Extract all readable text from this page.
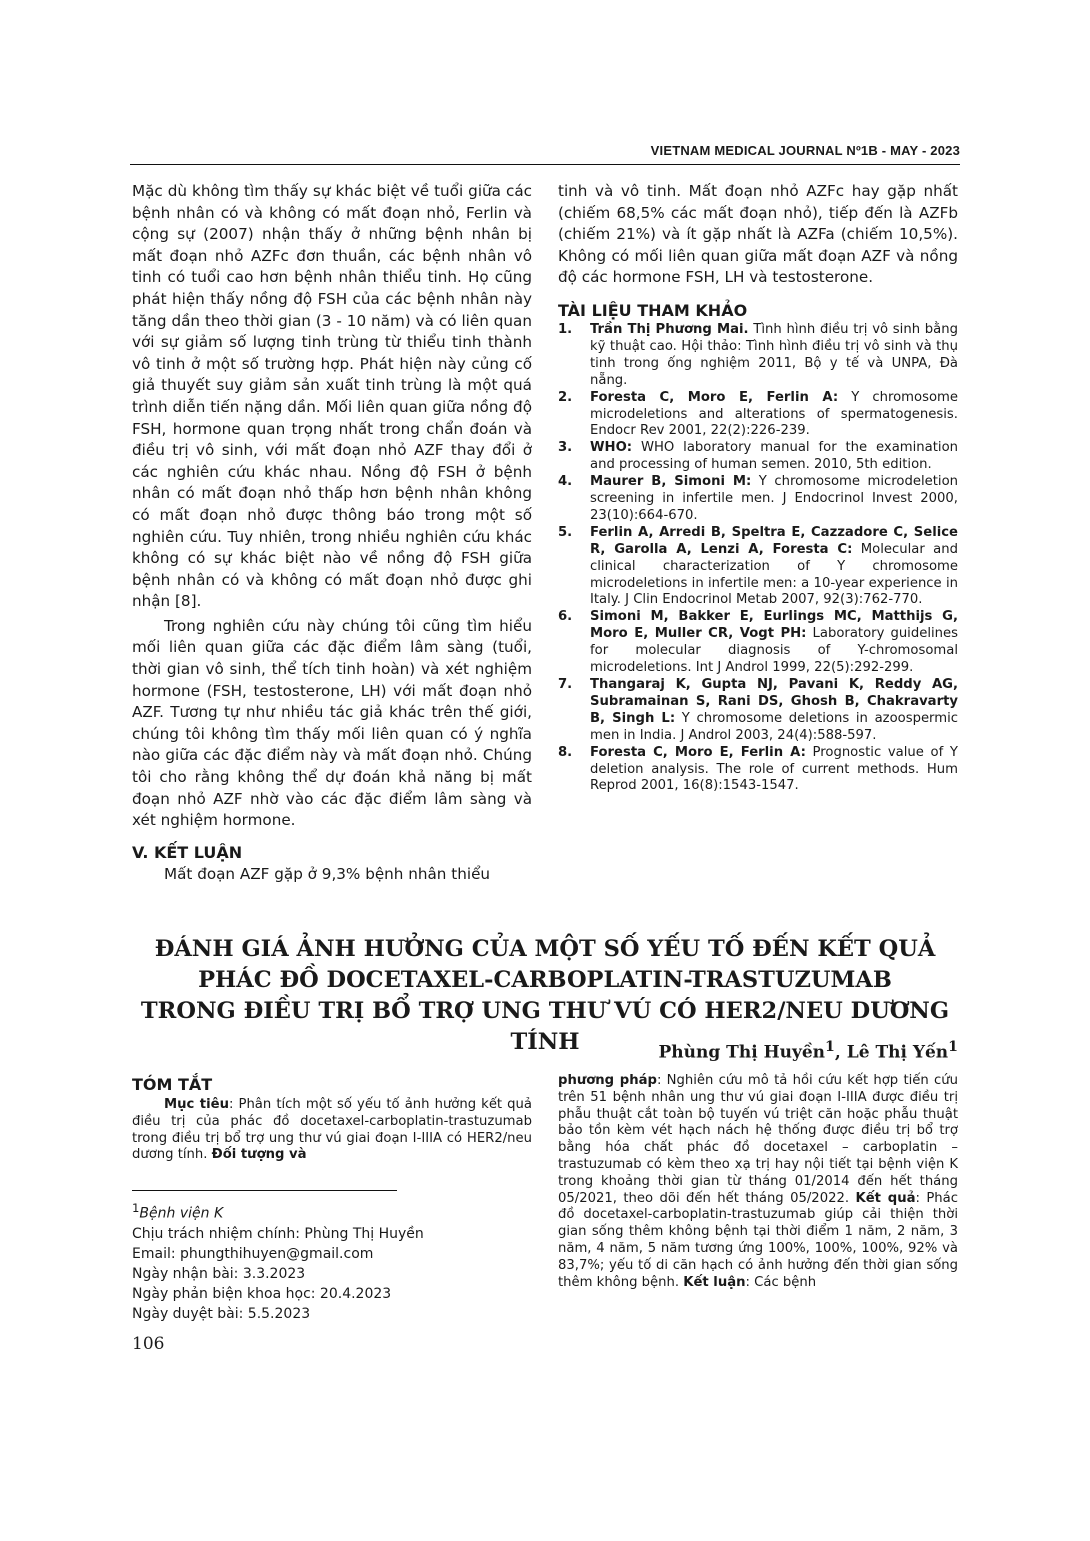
VIETNAM MEDICAL JOURNAL Nº1B - MAY - 2023

Mặc dù không tìm thấy sự khác biệt về tuổi giữa các bệnh nhân có và không có mất đoạn nhỏ, Ferlin và cộng sự (2007) nhận thấy ở những bệnh nhân bị mất đoạn nhỏ AZFc đơn thuần, các bệnh nhân vô tinh có tuổi cao hơn bệnh nhân thiểu tinh. Họ cũng phát hiện thấy nồng độ FSH của các bệnh nhân này tăng dần theo thời gian (3 - 10 năm) và có liên quan với sự giảm số lượng tinh trùng từ thiểu tinh thành vô tinh ở một số trường hợp. Phát hiện này củng cố giả thuyết suy giảm sản xuất tinh trùng là một quá trình diễn tiến nặng dần. Mối liên quan giữa nồng độ FSH, hormone quan trọng nhất trong chẩn đoán và điều trị vô sinh, với mất đoạn nhỏ AZF thay đổi ở các nghiên cứu khác nhau. Nồng độ FSH ở bệnh nhân có mất đoạn nhỏ thấp hơn bệnh nhân không có mất đoạn nhỏ được thông báo trong một số nghiên cứu. Tuy nhiên, trong nhiều nghiên cứu khác không có sự khác biệt nào về nồng độ FSH giữa bệnh nhân có và không có mất đoạn nhỏ được ghi nhận [8].

Trong nghiên cứu này chúng tôi cũng tìm hiểu mối liên quan giữa các đặc điểm lâm sàng (tuổi, thời gian vô sinh, thể tích tinh hoàn) và xét nghiệm hormone (FSH, testosterone, LH) với mất đoạn nhỏ AZF. Tương tự như nhiều tác giả khác trên thế giới, chúng tôi không tìm thấy mối liên quan có ý nghĩa nào giữa các đặc điểm này và mất đoạn nhỏ. Chúng tôi cho rằng không thể dự đoán khả năng bị mất đoạn nhỏ AZF nhờ vào các đặc điểm lâm sàng và xét nghiệm hormone.

V. KẾT LUẬN

Mất đoạn AZF gặp ở 9,3% bệnh nhân thiểu

tinh và vô tinh. Mất đoạn nhỏ AZFc hay gặp nhất (chiếm 68,5% các mất đoạn nhỏ), tiếp đến là AZFb (chiếm 21%) và ít gặp nhất là AZFa (chiếm 10,5%). Không có mối liên quan giữa mất đoạn AZF và nồng độ các hormone FSH, LH và testosterone.

TÀI LIỆU THAM KHẢO

1. Trần Thị Phương Mai. Tình hình điều trị vô sinh bằng kỹ thuật cao. Hội thảo: Tình hình điều trị vô sinh và thụ tinh trong ống nghiệm 2011, Bộ y tế và UNPA, Đà nẵng.
2. Foresta C, Moro E, Ferlin A: Y chromosome microdeletions and alterations of spermatogenesis. Endocr Rev 2001, 22(2):226-239.
3. WHO: WHO laboratory manual for the examination and processing of human semen. 2010, 5th edition.
4. Maurer B, Simoni M: Y chromosome microdeletion screening in infertile men. J Endocrinol Invest 2000, 23(10):664-670.
5. Ferlin A, Arredi B, Speltra E, Cazzadore C, Selice R, Garolla A, Lenzi A, Foresta C: Molecular and clinical characterization of Y chromosome microdeletions in infertile men: a 10-year experience in Italy. J Clin Endocrinol Metab 2007, 92(3):762-770.
6. Simoni M, Bakker E, Eurlings MC, Matthijs G, Moro E, Muller CR, Vogt PH: Laboratory guidelines for molecular diagnosis of Y-chromosomal microdeletions. Int J Androl 1999, 22(5):292-299.
7. Thangaraj K, Gupta NJ, Pavani K, Reddy AG, Subramainan S, Rani DS, Ghosh B, Chakravarty B, Singh L: Y chromosome deletions in azoospermic men in India. J Androl 2003, 24(4):588-597.
8. Foresta C, Moro E, Ferlin A: Prognostic value of Y deletion analysis. The role of current methods. Hum Reprod 2001, 16(8):1543-1547.
ĐÁNH GIÁ ẢNH HƯỞNG CỦA MỘT SỐ YẾU TỐ ĐẾN KẾT QUẢ
PHÁC ĐỒ DOCETAXEL-CARBOPLATIN-TRASTUZUMAB
TRONG ĐIỀU TRỊ BỔ TRỢ UNG THƯ VÚ CÓ HER2/NEU DƯƠNG TÍNH	Phùng Thị Huyền$^1$, Lê Thị Yến$^1$
TÓM TẮT

Mục tiêu: Phân tích một số yếu tố ảnh hưởng kết quả điều trị của phác đồ docetaxel-carboplatin-trastuzumab trong điều trị bổ trợ ung thư vú giai đoạn I-IIIA có HER2/neu dương tính. Đối tượng và

phương pháp: Nghiên cứu mô tả hồi cứu kết hợp tiến cứu trên 51 bệnh nhân ung thư vú giai đoạn I-IIIA được điều trị phẫu thuật cắt toàn bộ tuyến vú triệt căn hoặc phẫu thuật bảo tồn kèm vét hạch nách hệ thống được điều trị bổ trợ bằng hóa chất phác đồ docetaxel – carboplatin – trastuzumab có kèm theo xạ trị hay nội tiết tại bệnh viện K trong khoảng thời gian từ tháng 01/2014 đến hết tháng 05/2021, theo dõi đến hết tháng 05/2022. Kết quả: Phác đồ docetaxel-carboplatin-trastuzumab giúp cải thiện thời gian sống thêm không bệnh tại thời điểm 1 năm, 2 năm, 3 năm, 4 năm, 5 năm tương ứng 100%, 100%, 100%, 92% và 83,7%; yếu tố di căn hạch có ảnh hưởng đến thời gian sống thêm không bệnh. Kết luận: Các bệnh

$^1$Bệnh viện K
Chịu trách nhiệm chính: Phùng Thị Huyền
Email: phungthihuyen@gmail.com
Ngày nhận bài: 3.3.2023
Ngày phản biện khoa học: 20.4.2023
Ngày duyệt bài: 5.5.2023
106
